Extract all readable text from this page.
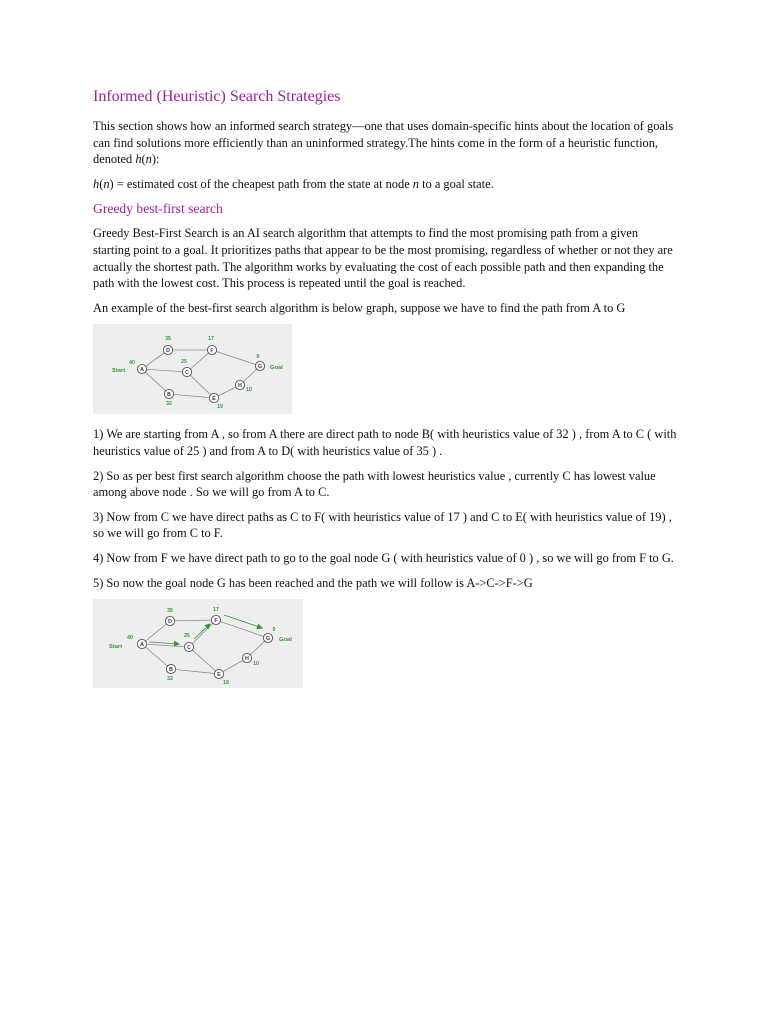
Informed (Heuristic) Search Strategies

This section shows how an informed search strategy—one that uses domain-specific hints about the location of goals can find solutions more efficiently than an uninformed strategy.The hints come in the form of a heuristic function, denoted h(n):

h(n) = estimated cost of the cheapest path from the state at node n to a goal state.

Greedy best-first search

Greedy Best-First Search is an AI search algorithm that attempts to find the most promising path from a given starting point to a goal. It prioritizes paths that appear to be the most promising, regardless of whether or not they are actually the shortest path. The algorithm works by evaluating the cost of each possible path and then expanding the path with the lowest cost. This process is repeated until the goal is reached.

An example of the best-first search algorithm is below graph, suppose we have to find the path from A to G

A
B
C
D
E
F
G
H
40
32
25
35
19
17
0
10
Start	Goal

1) We are starting from A , so from A there are direct path to node B( with heuristics value of 32 ) , from A to C ( with heuristics value of 25 ) and from A to D( with heuristics value of 35 ) .

2) So as per best first search algorithm choose the path with lowest heuristics value , currently C has lowest value among above node . So we will go from A to C.

3) Now from C we have direct paths as C to F( with heuristics value of 17 ) and C to E( with heuristics value of 19) , so we will go from C to F.

4) Now from F we have direct path to go to the goal node G ( with heuristics value of 0 ) , so we will go from F to G.

5) So now the goal node G has been reached and the path we will follow is A->C->F->G

A
B
C
D
E
F
G
H
40
32
25
35
19
17
0
10
Start
Goal
